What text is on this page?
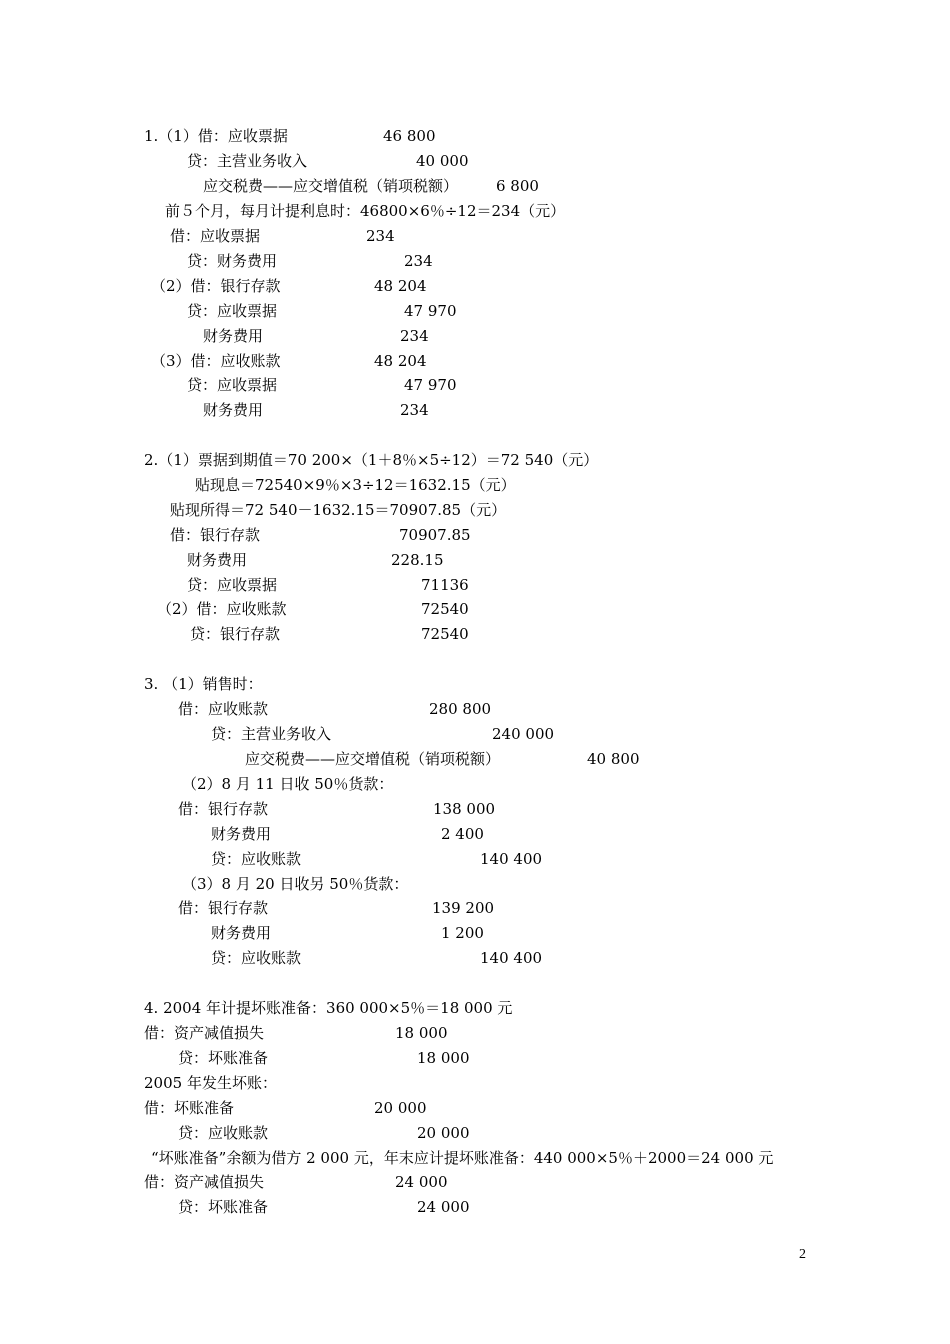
1.（1）借：应收票据	46 800
贷：主营业务收入	40 000
应交税费——应交增值税（销项税额）	6 800
前５个月，每月计提利息时：46800×6％÷12＝234（元）
借：应收票据	234
贷：财务费用	234
（2）借：银行存款	48 204
贷：应收票据	47 970
财务费用	234
（3）借：应收账款	48 204
贷：应收票据	47 970
财务费用	234
2.（1）票据到期值＝70 200×（1＋8％×5÷12）＝72 540（元）
贴现息＝72540×9％×3÷12＝1632.15（元）
贴现所得＝72 540－1632.15＝70907.85（元）
借：银行存款	70907.85
财务费用	228.15
贷：应收票据	71136
（2）借：应收账款	72540
贷：银行存款	72540
3. （1）销售时：
借：应收账款	280 800
贷：主营业务收入	240 000
应交税费——应交增值税（销项税额）	40 800
（2）8 月 11 日收 50％货款：
借：银行存款	138 000
财务费用	2 400
贷：应收账款	140 400
（3）8 月 20 日收另 50％货款：
借：银行存款	139 200
财务费用	1 200
贷：应收账款	140 400
4. 2004 年计提坏账准备：360 000×5％＝18 000 元
借：资产减值损失	18 000
贷：坏账准备	18 000
2005 年发生坏账：
借：坏账准备	20 000
贷：应收账款	20 000
“坏账准备”余额为借方 2 000 元，年末应计提坏账准备：440 000×5％＋2000＝24 000 元
借：资产减值损失	24 000
贷：坏账准备	24 000
2
